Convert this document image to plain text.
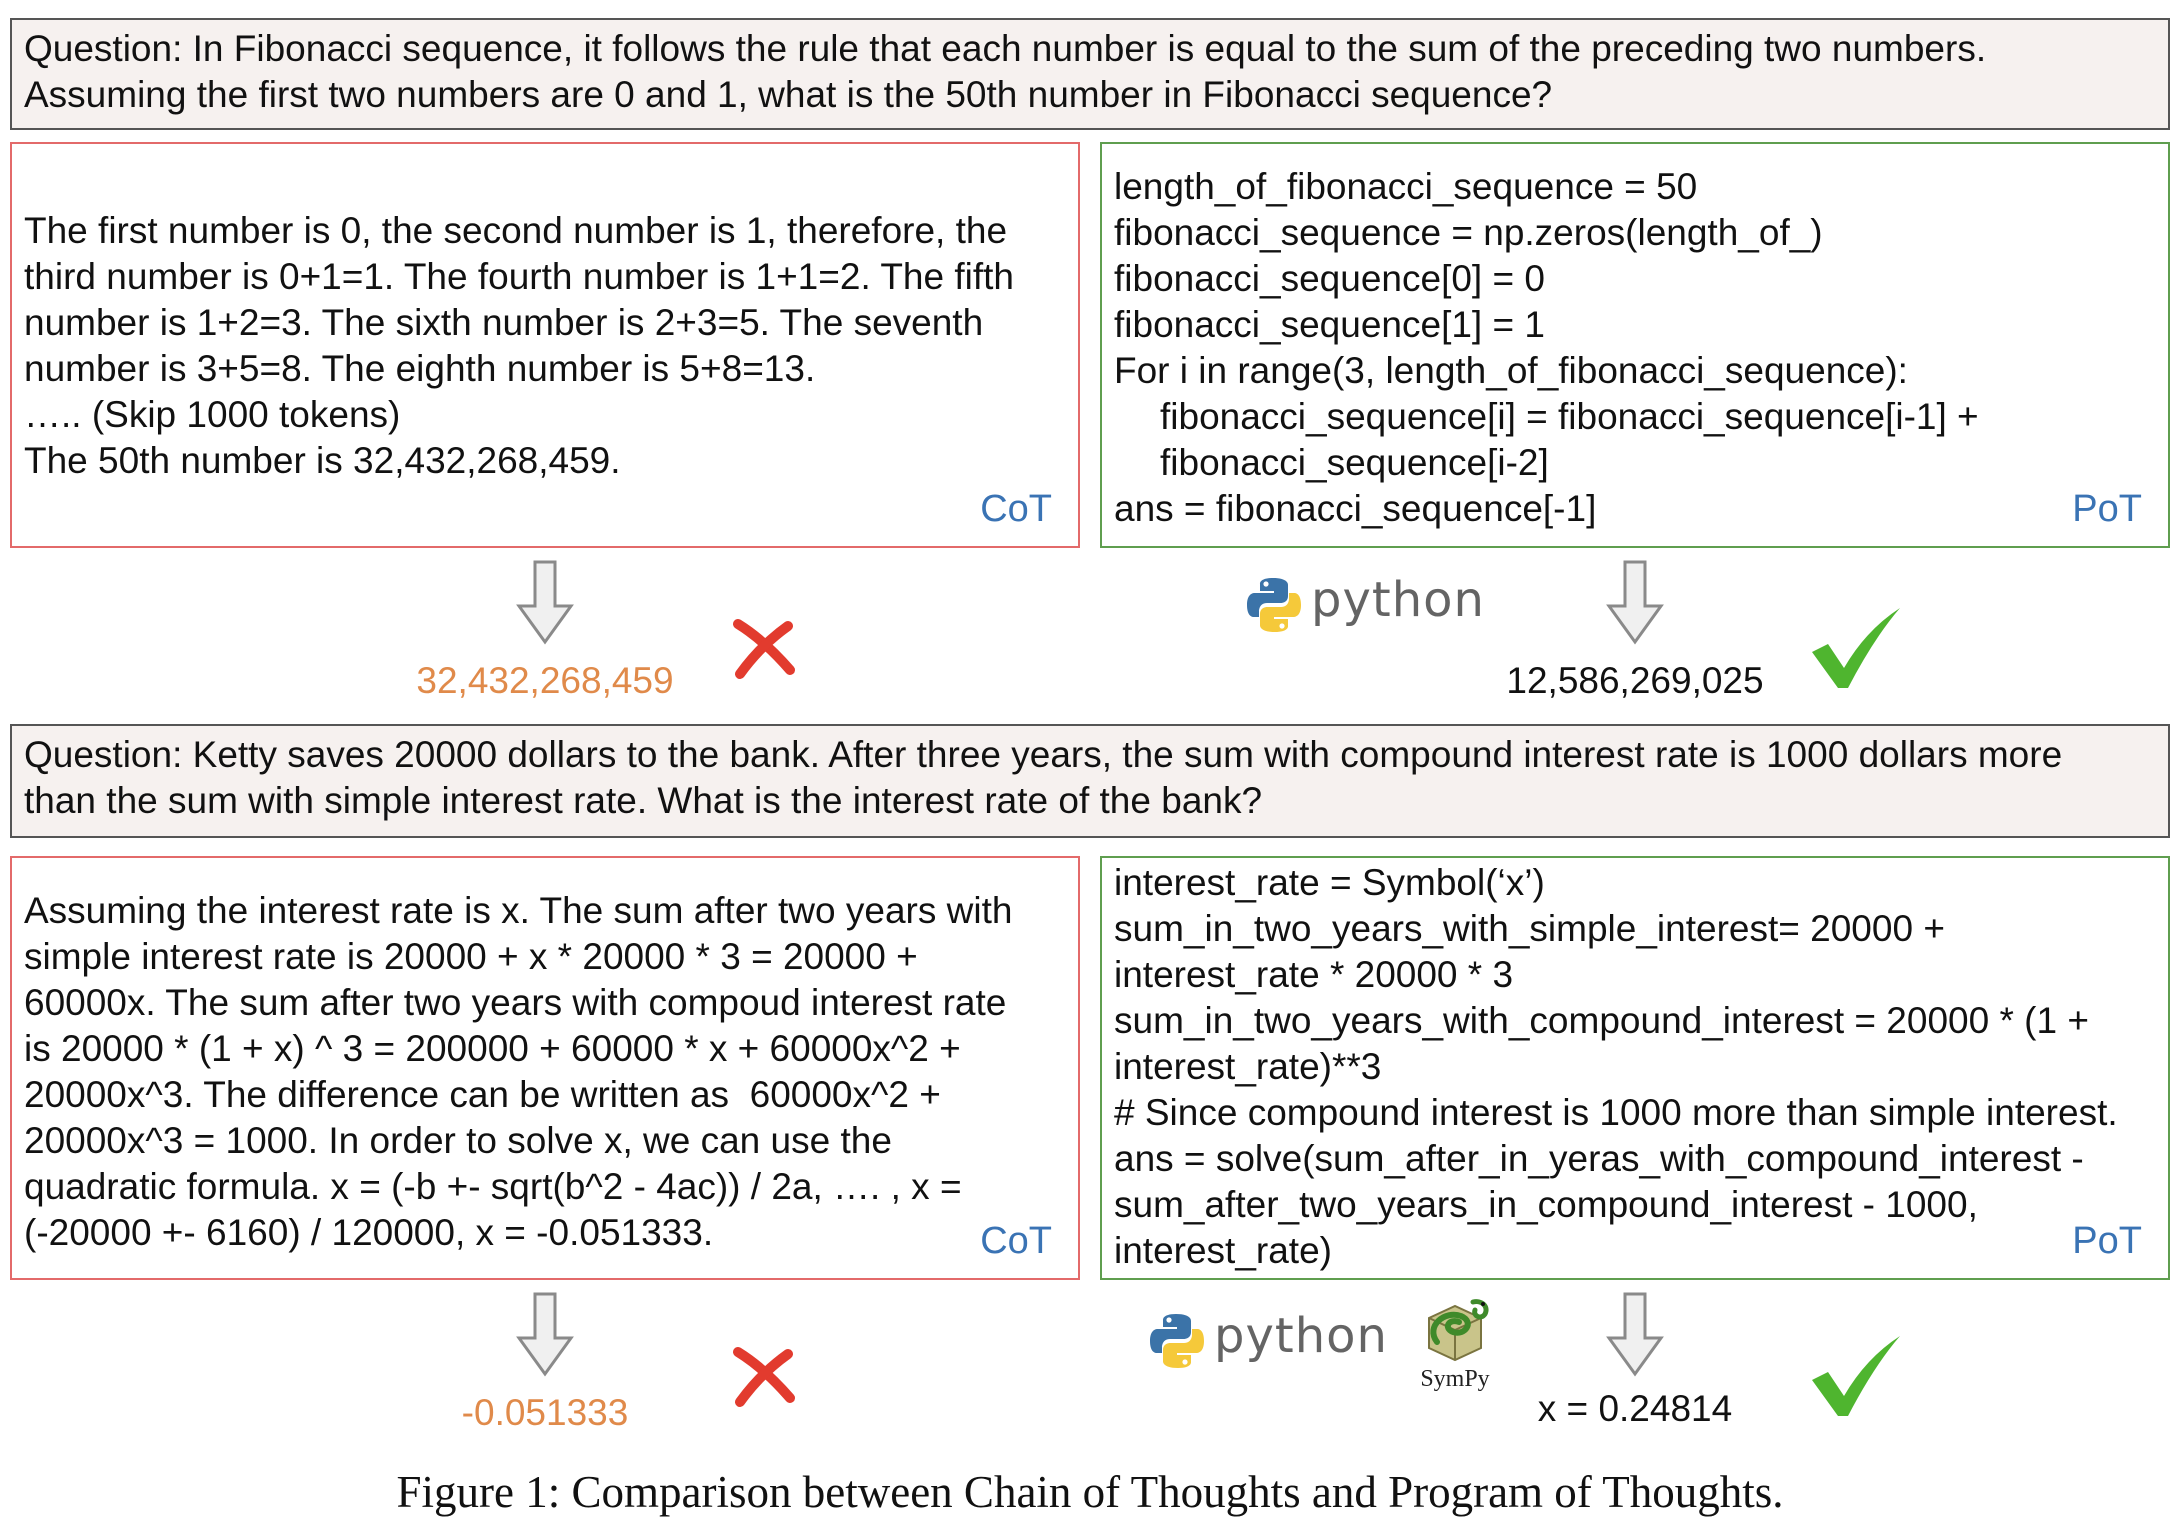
Question: In Fibonacci sequence, it follows the rule that each number is equal to the sum of the preceding two numbers.
Assuming the first two numbers are 0 and 1, what is the 50th number in Fibonacci sequence?
The first number is 0, the second number is 1, therefore, the
third number is 0+1=1. The fourth number is 1+1=2. The fifth
number is 1+2=3. The sixth number is 2+3=5. The seventh
number is 3+5=8. The eighth number is 5+8=13.
….. (Skip 1000 tokens)
The 50th number is 32,432,268,459.
CoT
length_of_fibonacci_sequence = 50
fibonacci_sequence = np.zeros(length_of_)
fibonacci_sequence[0] = 0
fibonacci_sequence[1] = 1
For i in range(3, length_of_fibonacci_sequence):
fibonacci_sequence[i] = fibonacci_sequence[i-1] +
fibonacci_sequence[i-2]
ans = fibonacci_sequence[-1]	PoT
32,432,268,459	12,586,269,025
python
Question: Ketty saves 20000 dollars to the bank. After three years, the sum with compound interest rate is 1000 dollars more
than the sum with simple interest rate. What is the interest rate of the bank?
Assuming the interest rate is x. The sum after two years with
simple interest rate is 20000 + x * 20000 * 3 = 20000 +
60000x. The sum after two years with compoud interest rate
is 20000 * (1 + x) ^ 3 = 200000 + 60000 * x + 60000x^2 +
20000x^3. The difference can be written as  60000x^2 +
20000x^3 = 1000. In order to solve x, we can use the
quadratic formula. x = (-b +- sqrt(b^2 - 4ac)) / 2a, …. , x =
(-20000 +- 6160) / 120000, x = -0.051333.	CoT
interest_rate = Symbol(‘x’)
sum_in_two_years_with_simple_interest= 20000 +
interest_rate * 20000 * 3
sum_in_two_years_with_compound_interest = 20000 * (1 +
interest_rate)**3
# Since compound interest is 1000 more than simple interest.
ans = solve(sum_after_in_yeras_with_compound_interest -
sum_after_two_years_in_compound_interest - 1000,
interest_rate)	PoT
-0.051333	x = 0.24814
python
SymPy
Figure 1: Comparison between Chain of Thoughts and Program of Thoughts.
